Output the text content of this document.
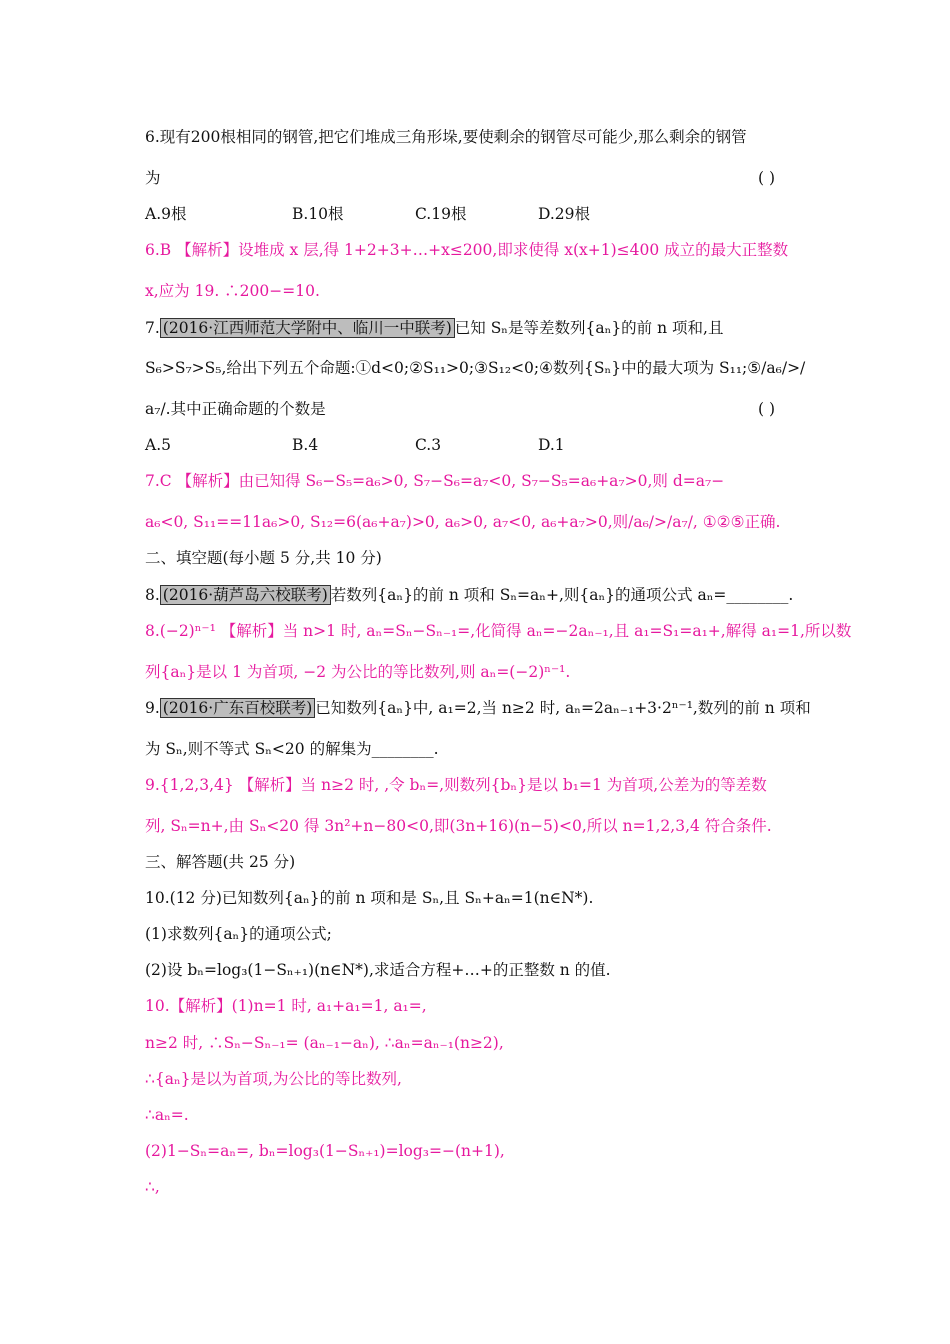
6.现有200根相同的钢管,把它们堆成三角形垛,要使剩余的钢管尽可能少,那么剩余的钢管
为	( )
A.9根	B.10根	C.19根	D.29根
6.B 【解析】设堆成 x 层,得 1+2+3+…+x≤200,即求使得 x(x+1)≤400 成立的最大正整数
x,应为 19. ∴200−=10.
7. (2016·江西师范大学附中、临川一中联考) 已知 Sₙ是等差数列{aₙ}的前 n 项和,且
S₆>S₇>S₅,给出下列五个命题:①d<0;②S₁₁>0;③S₁₂<0;④数列{Sₙ}中的最大项为 S₁₁;⑤/a₆/>/
a₇/.其中正确命题的个数是	( )
A.5	B.4	C.3	D.1
7.C 【解析】由已知得 S₆−S₅=a₆>0, S₇−S₆=a₇<0, S₇−S₅=a₆+a₇>0,则 d=a₇−
a₆<0, S₁₁==11a₆>0, S₁₂=6(a₆+a₇)>0, a₆>0, a₇<0, a₆+a₇>0,则/a₆/>/a₇/, ①②⑤正确.
二、填空题(每小题 5 分,共 10 分)
8. (2016·葫芦岛六校联考) 若数列{aₙ}的前 n 项和 Sₙ=aₙ+,则{aₙ}的通项公式 aₙ=________.
8.(−2)ⁿ⁻¹ 【解析】当 n>1 时, aₙ=Sₙ−Sₙ₋₁=,化简得 aₙ=−2aₙ₋₁,且 a₁=S₁=a₁+,解得 a₁=1,所以数
列{aₙ}是以 1 为首项, −2 为公比的等比数列,则 aₙ=(−2)ⁿ⁻¹.
9. (2016·广东百校联考) 已知数列{aₙ}中, a₁=2,当 n≥2 时, aₙ=2aₙ₋₁+3·2ⁿ⁻¹,数列的前 n 项和
为 Sₙ,则不等式 Sₙ<20 的解集为________.
9.{1,2,3,4} 【解析】当 n≥2 时, ,令 bₙ=,则数列{bₙ}是以 b₁=1 为首项,公差为的等差数
列, Sₙ=n+,由 Sₙ<20 得 3n²+n−80<0,即(3n+16)(n−5)<0,所以 n=1,2,3,4 符合条件.
三、解答题(共 25 分)
10.(12 分)已知数列{aₙ}的前 n 项和是 Sₙ,且 Sₙ+aₙ=1(n∈N*).
(1)求数列{aₙ}的通项公式;
(2)设 bₙ=log₃(1−Sₙ₊₁)(n∈N*),求适合方程+…+的正整数 n 的值.
10.【解析】(1)n=1 时, a₁+a₁=1, a₁=,
n≥2 时, ∴Sₙ−Sₙ₋₁= (aₙ₋₁−aₙ), ∴aₙ=aₙ₋₁(n≥2),
∴{aₙ}是以为首项,为公比的等比数列,
∴aₙ=.
(2)1−Sₙ=aₙ=, bₙ=log₃(1−Sₙ₊₁)=log₃=−(n+1),
∴,
